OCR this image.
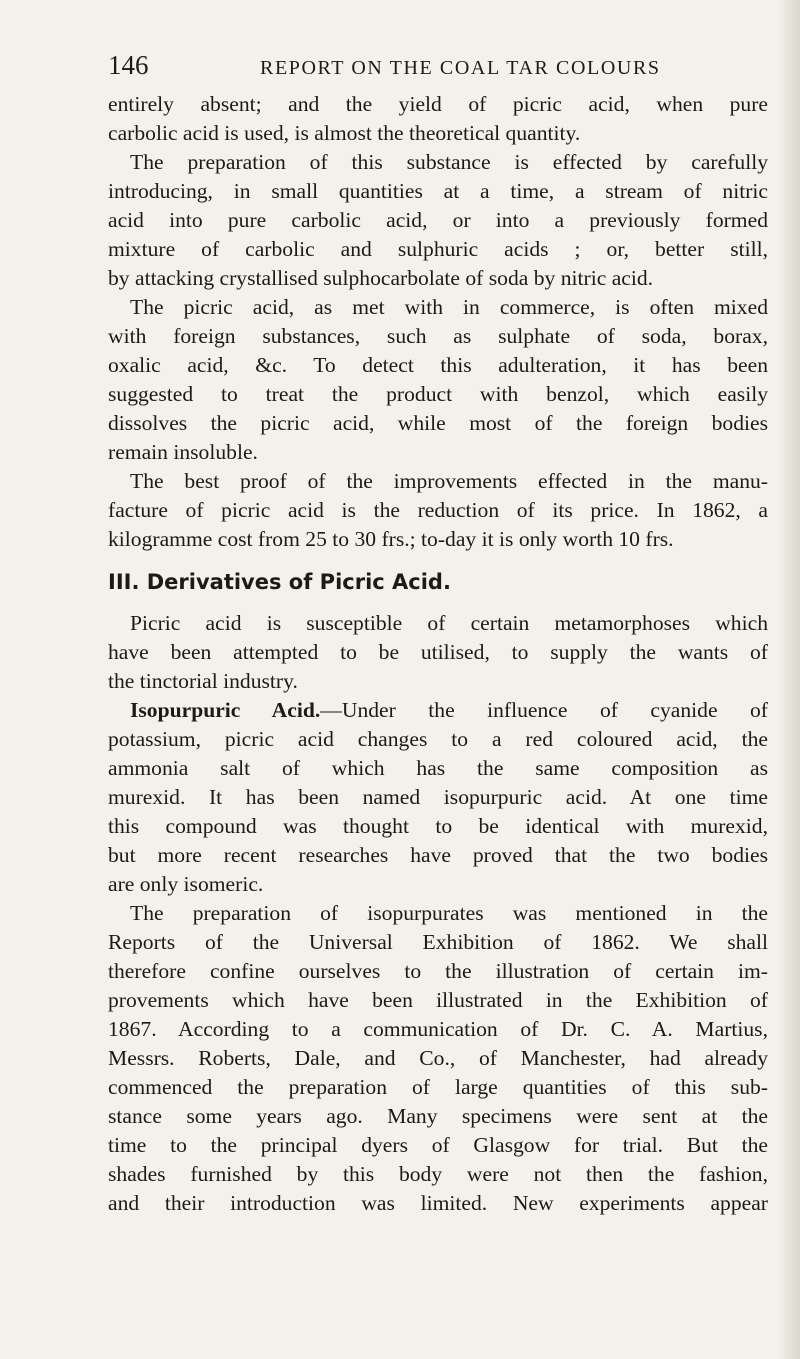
146	REPORT ON THE COAL TAR COLOURS
entirely absent; and the yield of picric acid, when pure
carbolic acid is used, is almost the theoretical quantity.
The preparation of this substance is effected by carefully
introducing, in small quantities at a time, a stream of nitric
acid into pure carbolic acid, or into a previously formed
mixture of carbolic and sulphuric acids ; or, better still,
by attacking crystallised sulphocarbolate of soda by nitric acid.
The picric acid, as met with in commerce, is often mixed
with foreign substances, such as sulphate of soda, borax,
oxalic acid, &c. To detect this adulteration, it has been
suggested to treat the product with benzol, which easily
dissolves the picric acid, while most of the foreign bodies
remain insoluble.
The best proof of the improvements effected in the manu-
facture of picric acid is the reduction of its price. In 1862, a
kilogramme cost from 25 to 30 frs.; to-day it is only worth 10 frs.
III. Derivatives of Picric Acid.
Picric acid is susceptible of certain metamorphoses which
have been attempted to be utilised, to supply the wants of
the tinctorial industry.
Isopurpuric Acid.—Under the influence of cyanide of
potassium, picric acid changes to a red coloured acid, the
ammonia salt of which has the same composition as
murexid. It has been named isopurpuric acid. At one time
this compound was thought to be identical with murexid,
but more recent researches have proved that the two bodies
are only isomeric.
The preparation of isopurpurates was mentioned in the
Reports of the Universal Exhibition of 1862. We shall
therefore confine ourselves to the illustration of certain im-
provements which have been illustrated in the Exhibition of
1867. According to a communication of Dr. C. A. Martius,
Messrs. Roberts, Dale, and Co., of Manchester, had already
commenced the preparation of large quantities of this sub-
stance some years ago. Many specimens were sent at the
time to the principal dyers of Glasgow for trial. But the
shades furnished by this body were not then the fashion,
and their introduction was limited. New experiments appear
